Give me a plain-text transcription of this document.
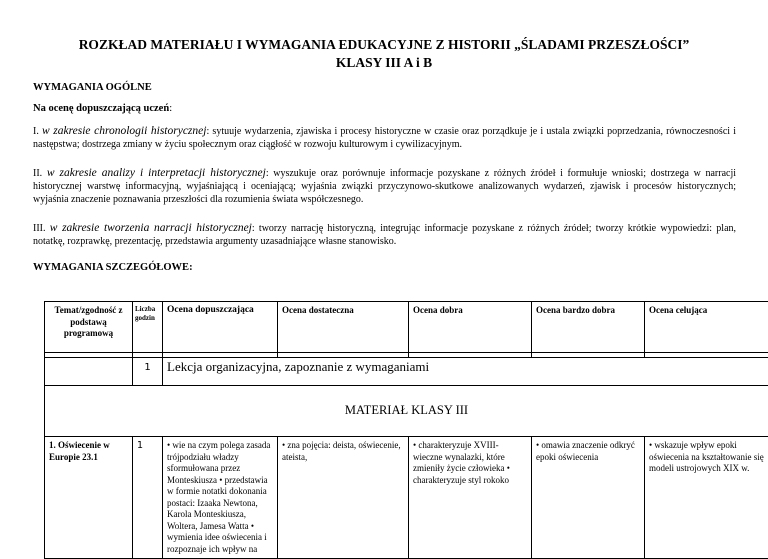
ROZKŁAD MATERIAŁU I WYMAGANIA EDUKACYJNE Z HISTORII „ŚLADAMI PRZESZŁOŚCI”
KLASY III A i B
WYMAGANIA OGÓLNE
Na ocenę dopuszczającą uczeń:
I. w zakresie chronologii historycznej: sytuuje wydarzenia, zjawiska i procesy historyczne w czasie oraz porządkuje je i ustala związki poprzedzania, równoczesności i następstwa; dostrzega zmiany w życiu społecznym oraz ciągłość w rozwoju kulturowym i cywilizacyjnym.
II. w zakresie analizy i interpretacji historycznej: wyszukuje oraz porównuje informacje pozyskane z różnych źródeł i formułuje wnioski; dostrzega w narracji historycznej warstwę informacyjną, wyjaśniającą i oceniającą; wyjaśnia związki przyczynowo-skutkowe analizowanych wydarzeń, zjawisk i procesów historycznych; wyjaśnia znaczenie poznawania przeszłości dla rozumienia świata współczesnego.
III. w zakresie tworzenia narracji historycznej: tworzy narrację historyczną, integrując informacje pozyskane z różnych źródeł; tworzy krótkie wypowiedzi: plan, notatkę, rozprawkę, prezentację, przedstawia argumenty uzasadniające własne stanowisko.
WYMAGANIA SZCZEGÓŁOWE:
Temat/zgodność z podstawą programową	Liczba godzin	Ocena dopuszczająca	Ocena dostateczna	Ocena dobra	Ocena bardzo dobra	Ocena celująca

	1	Lekcja organizacyjna, zapoznanie z wymaganiami				
MATERIAŁ KLASY III						
1. Oświecenie w Europie 23.1	1	• wie na czym polega zasada trójpodziału władzy sformułowana przez Monteskiusza • przedstawia w formie notatki dokonania postaci: Izaaka Newtona, Karola Monteskiusza, Woltera, Jamesa Watta • wymienia idee oświecenia i rozpoznaje ich wpływ na	• zna pojęcia: deista, oświecenie, ateista,	• charakteryzuje XVIII-wieczne wynalazki, które zmieniły życie człowieka • charakteryzuje styl rokoko	• omawia znaczenie odkryć epoki oświecenia	• wskazuje wpływ epoki oświecenia na kształtowanie się modeli ustrojowych XIX w.
